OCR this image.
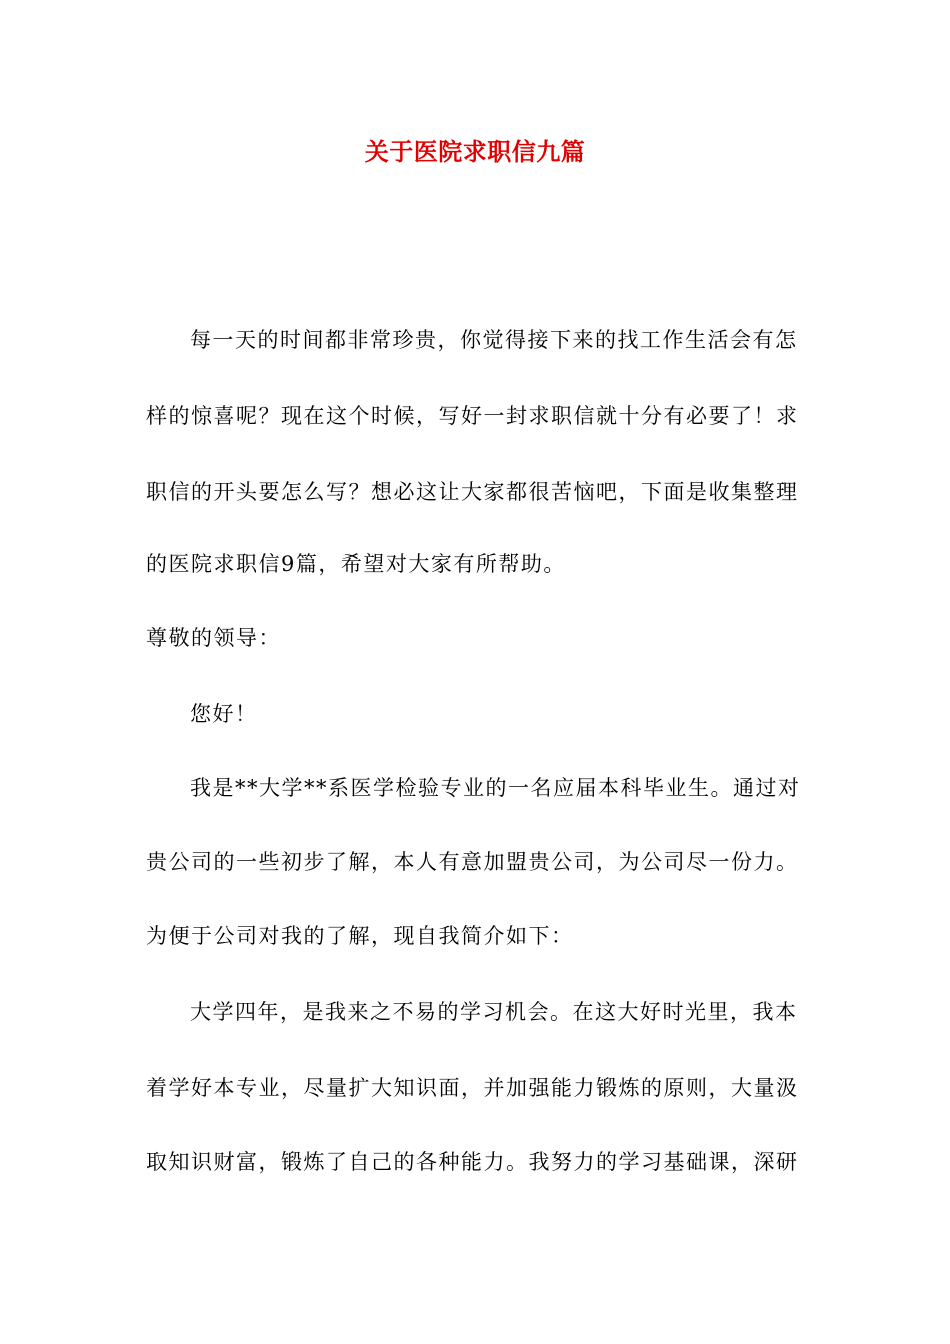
关于医院求职信九篇
每一天的时间都非常珍贵，你觉得接下来的找工作生活会有怎
样的惊喜呢？现在这个时候，写好一封求职信就十分有必要了！求
职信的开头要怎么写？想必这让大家都很苦恼吧，下面是收集整理
的医院求职信9篇，希望对大家有所帮助。
尊敬的领导：
您好！
我是**大学**系医学检验专业的一名应届本科毕业生。通过对
贵公司的一些初步了解，本人有意加盟贵公司，为公司尽一份力。
为便于公司对我的了解，现自我简介如下：
大学四年，是我来之不易的学习机会。在这大好时光里，我本
着学好本专业，尽量扩大知识面，并加强能力锻炼的原则，大量汲
取知识财富，锻炼了自己的各种能力。我努力的学习基础课，深研
